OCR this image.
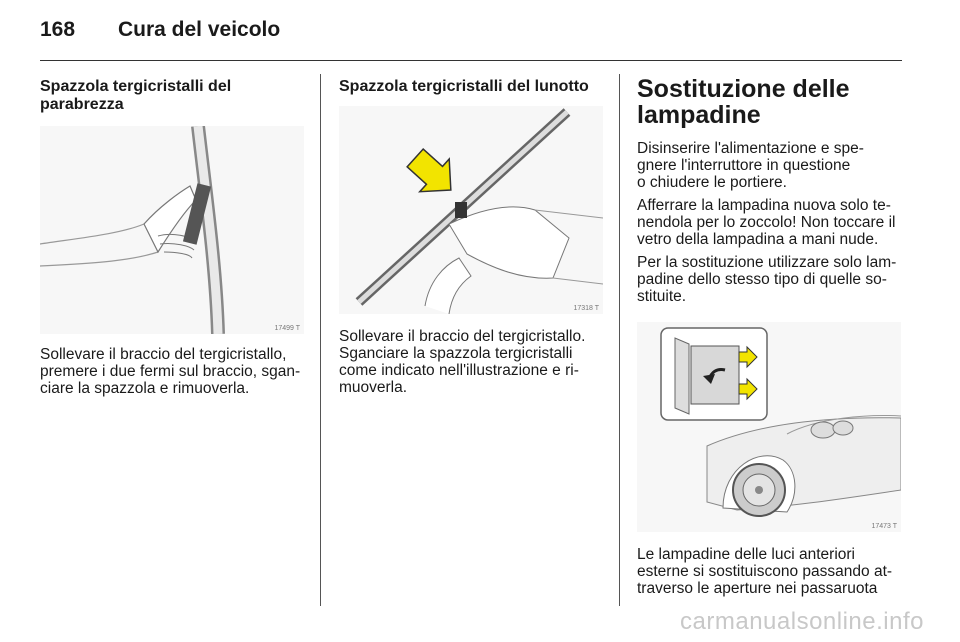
168 Cura del veicolo
Spazzola tergicristalli del
parabrezza
17499 T
Sollevare il braccio del tergicristallo,
premere i due fermi sul braccio, sgan-
ciare la spazzola e rimuoverla.
Spazzola tergicristalli del lunotto
17318 T
Sollevare il braccio del tergicristallo.
Sganciare la spazzola tergicristalli
come indicato nell'illustrazione e ri-
muoverla.
Sostituzione delle
lampadine
Disinserire l'alimentazione e spe-
gnere l'interruttore in questione
o chiudere le portiere.
Afferrare la lampadina nuova solo te-
nendola per lo zoccolo! Non toccare il
vetro della lampadina a mani nude.
Per la sostituzione utilizzare solo lam-
padine dello stesso tipo di quelle so-
stituite.
17473 T
Le lampadine delle luci anteriori
esterne si sostituiscono passando at-
traverso le aperture nei passaruota
carmanualsonline.info
